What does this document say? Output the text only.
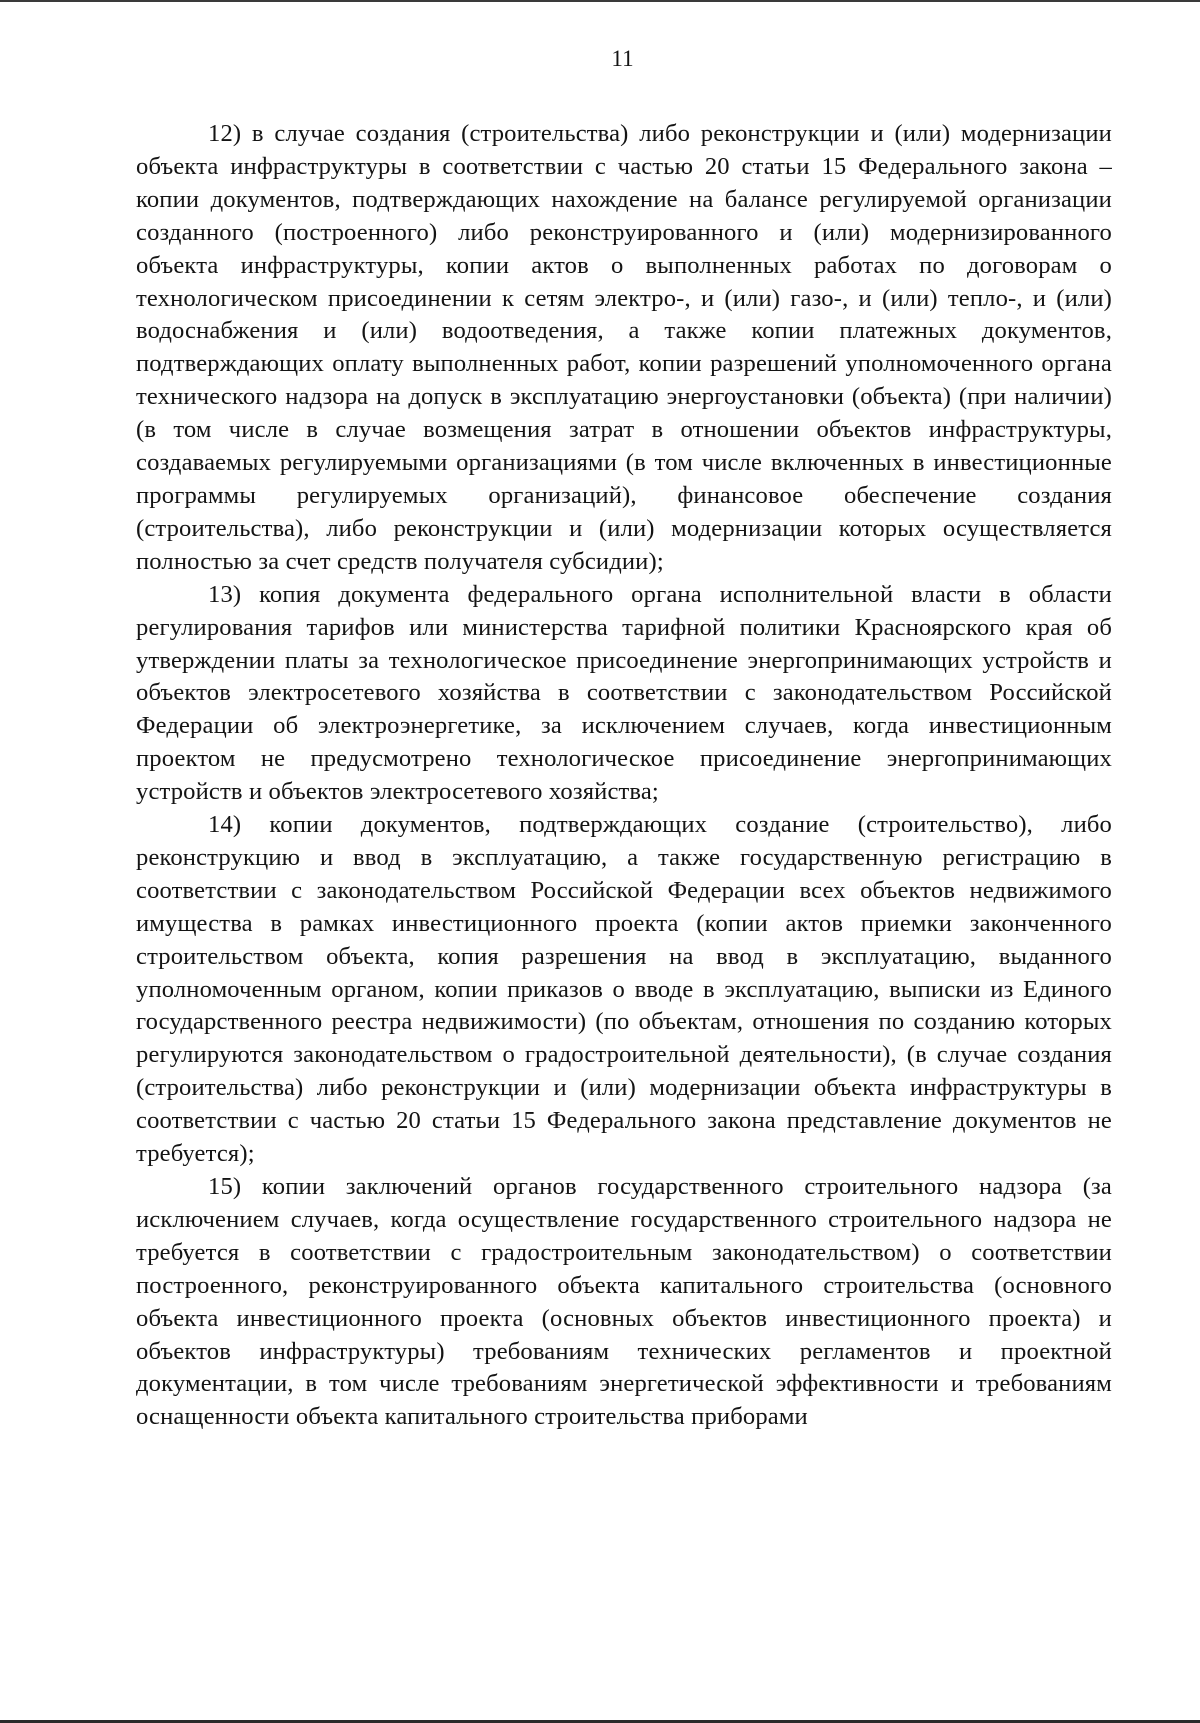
11

12) в случае создания (строительства) либо реконструкции и (или) модернизации объекта инфраструктуры в соответствии с частью 20 статьи 15 Федерального закона – копии документов, подтверждающих нахождение на балансе регулируемой организации созданного (построенного) либо реконструированного и (или) модернизированного объекта инфраструктуры, копии актов о выполненных работах по договорам о технологическом присоединении к сетям электро-, и (или) газо-, и (или) тепло-, и (или) водоснабжения и (или) водоотведения, а также копии платежных документов, подтверждающих оплату выполненных работ, копии разрешений уполномоченного органа технического надзора на допуск в эксплуатацию энергоустановки (объекта) (при наличии) (в том числе в случае возмещения затрат в отношении объектов инфраструктуры, создаваемых регулируемыми организациями (в том числе включенных в инвестиционные программы регулируемых организаций), финансовое обеспечение создания (строительства), либо реконструкции и (или) модернизации которых осуществляется полностью за счет средств получателя субсидии);

13) копия документа федерального органа исполнительной власти в области регулирования тарифов или министерства тарифной политики Красноярского края об утверждении платы за технологическое присоединение энергопринимающих устройств и объектов электросетевого хозяйства в соответствии с законодательством Российской Федерации об электроэнергетике, за исключением случаев, когда инвестиционным проектом не предусмотрено технологическое присоединение энергопринимающих устройств и объектов электросетевого хозяйства;

14) копии документов, подтверждающих создание (строительство), либо реконструкцию и ввод в эксплуатацию, а также государственную регистрацию в соответствии с законодательством Российской Федерации всех объектов недвижимого имущества в рамках инвестиционного проекта (копии актов приемки законченного строительством объекта, копия разрешения на ввод в эксплуатацию, выданного уполномоченным органом, копии приказов о вводе в эксплуатацию, выписки из Единого государственного реестра недвижимости) (по объектам, отношения по созданию которых регулируются законодательством о градостроительной деятельности), (в случае создания (строительства) либо реконструкции и (или) модернизации объекта инфраструктуры в соответствии с частью 20 статьи 15 Федерального закона представление документов не требуется);

15) копии заключений органов государственного строительного надзора (за исключением случаев, когда осуществление государственного строительного надзора не требуется в соответствии с градостроительным законодательством) о соответствии построенного, реконструированного объекта капитального строительства (основного объекта инвестиционного проекта (основных объектов инвестиционного проекта) и объектов инфраструктуры) требованиям технических регламентов и проектной документации, в том числе требованиям энергетической эффективности и требованиям оснащенности объекта капитального строительства приборами
